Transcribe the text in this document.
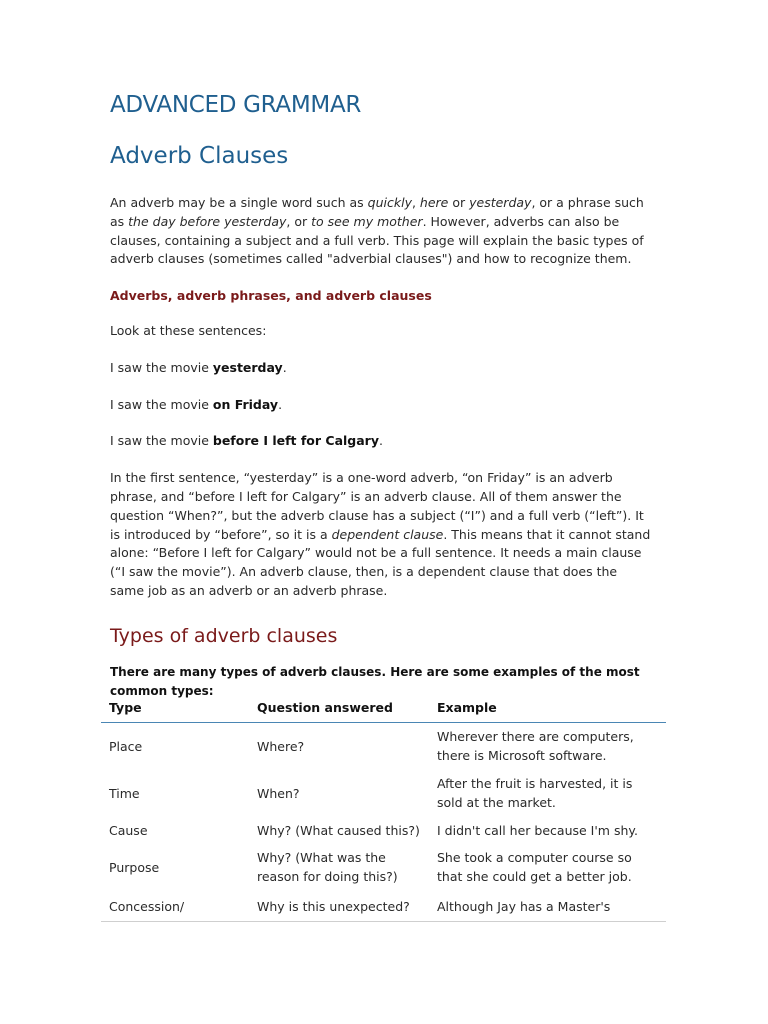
ADVANCED GRAMMAR
Adverb Clauses

An adverb may be a single word such as quickly, here or yesterday, or a phrase such as the day before yesterday, or to see my mother. However, adverbs can also be clauses, containing a subject and a full verb. This page will explain the basic types of adverb clauses (sometimes called "adverbial clauses") and how to recognize them.

Adverbs, adverb phrases, and adverb clauses

Look at these sentences:

I saw the movie yesterday.

I saw the movie on Friday.

I saw the movie before I left for Calgary.

In the first sentence, “yesterday” is a one-word adverb, “on Friday” is an adverb phrase, and “before I left for Calgary” is an adverb clause. All of them answer the question “When?”, but the adverb clause has a subject (“I”) and a full verb (“left”). It is introduced by “before”, so it is a dependent clause. This means that it cannot stand alone: “Before I left for Calgary” would not be a full sentence. It needs a main clause (“I saw the movie”). An adverb clause, then, is a dependent clause that does the same job as an adverb or an adverb phrase.

Types of adverb clauses

There are many types of adverb clauses. Here are some examples of the most common types:

Type	Question answered	Example
Place	Where?	Wherever there are computers, there is Microsoft software.
Time	When?	After the fruit is harvested, it is sold at the market.
Cause	Why? (What caused this?)	I didn't call her because I'm shy.
Purpose	Why? (What was the reason for doing this?)	She took a computer course so that she could get a better job.
Concession/	Why is this unexpected?	Although Jay has a Master's
